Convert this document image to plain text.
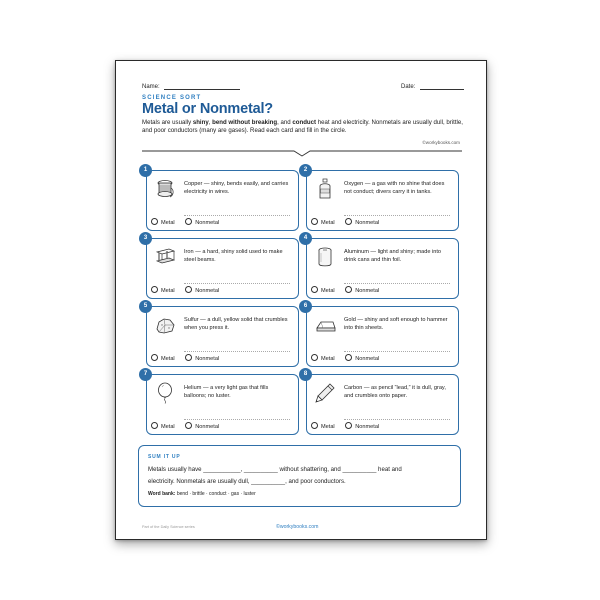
Name:	Date:
SCIENCE SORT
Metal or Nonmetal?
Metals are usually shiny, bend without breaking, and conduct heat and electricity. Nonmetals are usually dull, brittle, and poor conductors (many are gases). Read each card and fill in the circle.
©workybooks.com
1
Copper — shiny, bends easily, and carries electricity in wires.
Metal	Nonmetal
2
Oxygen — a gas with no shine that does not conduct; divers carry it in tanks.
Metal	Nonmetal
3
Iron — a hard, shiny solid used to make steel beams.
Metal	Nonmetal
4
Aluminum — light and shiny; made into drink cans and thin foil.
Metal	Nonmetal
5
Sulfur — a dull, yellow solid that crumbles when you press it.
Metal	Nonmetal
6
Gold — shiny and soft enough to hammer into thin sheets.
Metal	Nonmetal
7
Helium — a very light gas that fills balloons; no luster.
Metal	Nonmetal
8
Carbon — as pencil “lead,” it is dull, gray, and crumbles onto paper.
Metal	Nonmetal
SUM IT UP
Metals usually have ___________, __________ without shattering, and __________ heat and
electricity. Nonmetals are usually dull, __________, and poor conductors.
Word bank: bend · brittle · conduct · gas · luster
Part of the Daily Science series	©workybooks.com
